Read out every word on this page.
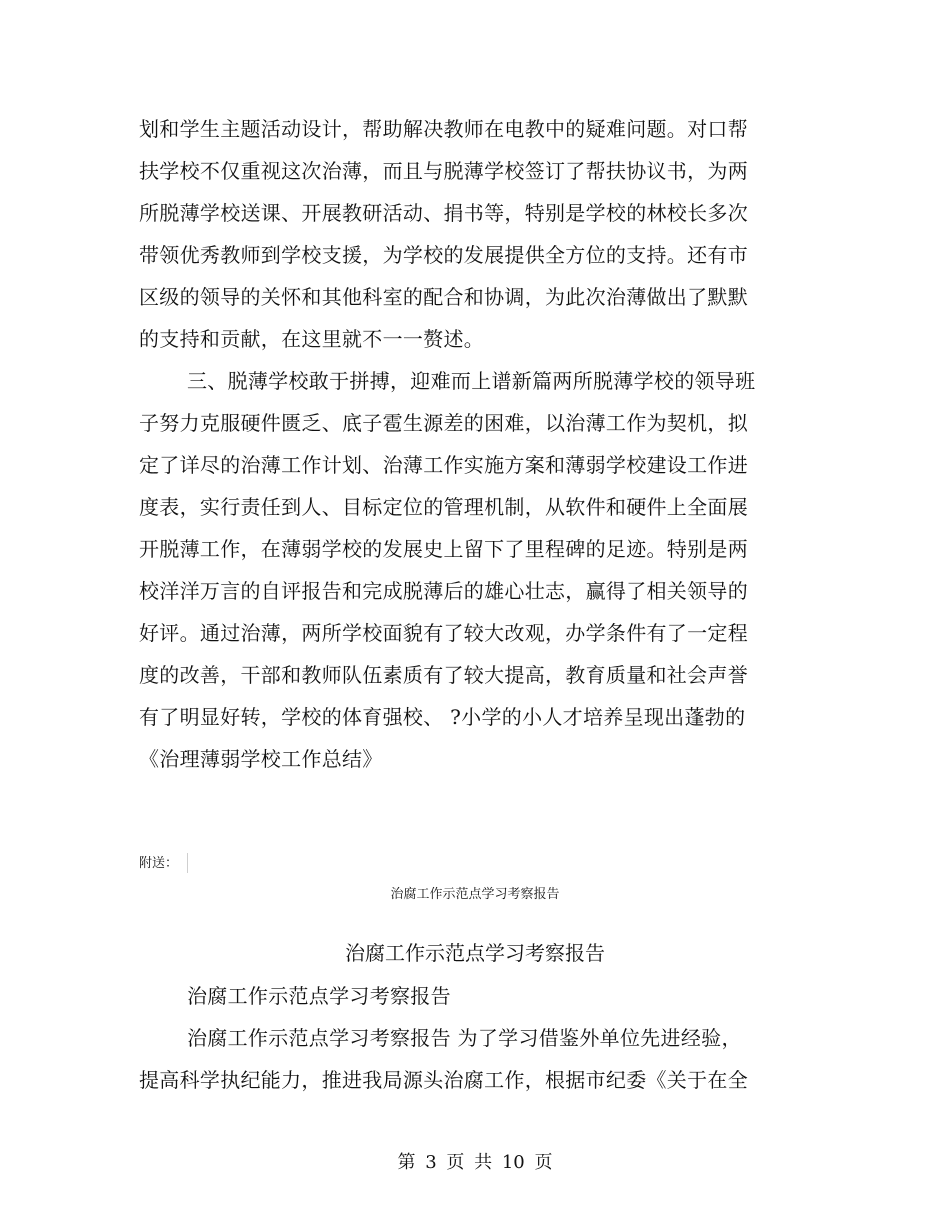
划和学生主题活动设计，帮助解决教师在电教中的疑难问题。对口帮
扶学校不仅重视这次治薄，而且与脱薄学校签订了帮扶协议书，为两
所脱薄学校送课、开展教研活动、捐书等，特别是学校的林校长多次
带领优秀教师到学校支援，为学校的发展提供全方位的支持。还有市
区级的领导的关怀和其他科室的配合和协调，为此次治薄做出了默默
的支持和贡献，在这里就不一一赘述。
三、脱薄学校敢于拼搏，迎难而上谱新篇两所脱薄学校的领导班
子努力克服硬件匮乏、底子雹生源差的困难，以治薄工作为契机，拟
定了详尽的治薄工作计划、治薄工作实施方案和薄弱学校建设工作进
度表，实行责任到人、目标定位的管理机制，从软件和硬件上全面展
开脱薄工作，在薄弱学校的发展史上留下了里程碑的足迹。特别是两
校洋洋万言的自评报告和完成脱薄后的雄心壮志，赢得了相关领导的
好评。通过治薄，两所学校面貌有了较大改观，办学条件有了一定程
度的改善，干部和教师队伍素质有了较大提高，教育质量和社会声誉
有了明显好转，学校的体育强校、 ?小学的小人才培养呈现出蓬勃的
《治理薄弱学校工作总结》
附送：
治腐工作示范点学习考察报告
治腐工作示范点学习考察报告
治腐工作示范点学习考察报告
治腐工作示范点学习考察报告 为了学习借鉴外单位先进经验，
提高科学执纪能力，推进我局源头治腐工作，根据市纪委《关于在全
第 3 页 共 10 页
